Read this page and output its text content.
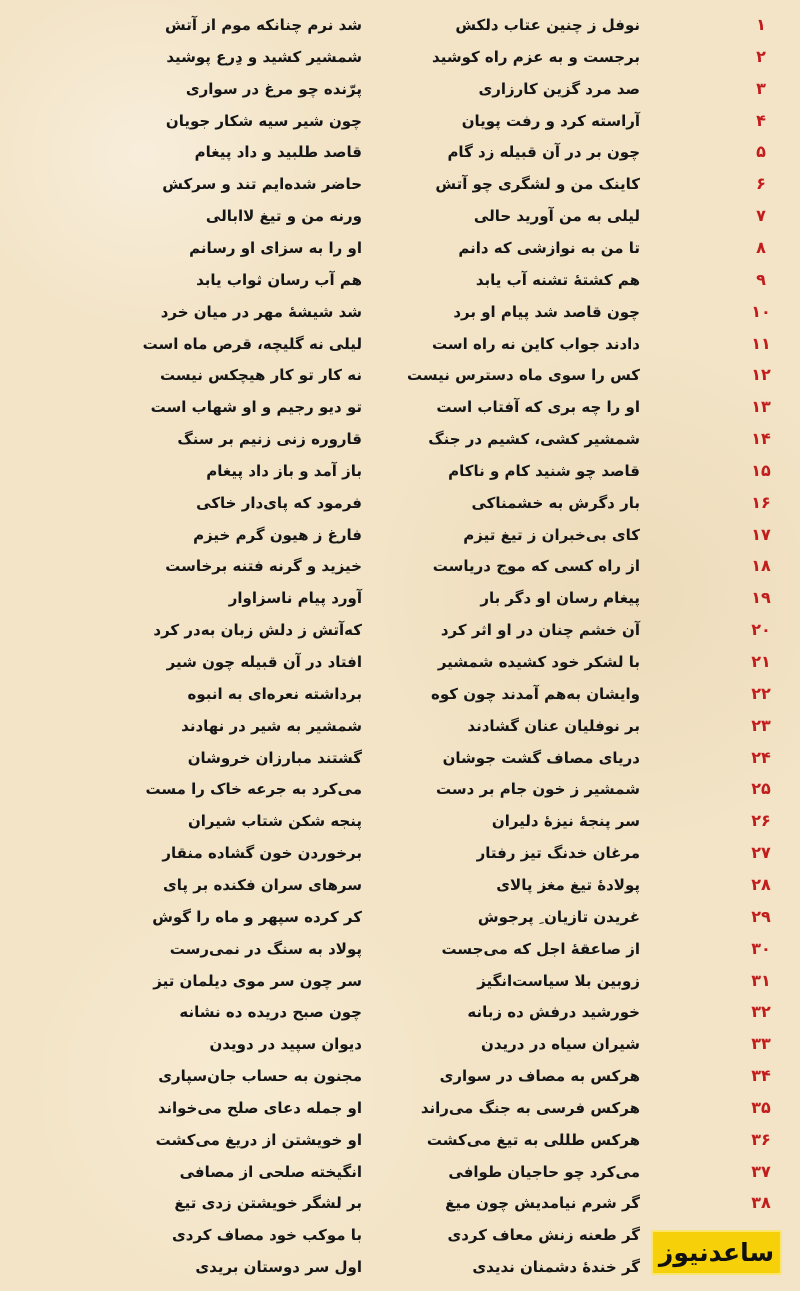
۱
نوفل ز چنین عتاب دلکش
شد نرم چنانکه موم از آتش
۲
برجست و به عزم راه کوشید
شمشیر کشید و دِرع پوشید
۳
صد مرد گزین کارزاری
پرّنده چو مرغ در سواری
۴
آراسته کرد و رفت پویان
چون شیر سیه شکار جویان
۵
چون بر در آن قبیله زد گام
قاصد طلبید و داد پیغام
۶
کاینک من و لشگری چو آتش
حاضر شده‌ایم تند و سرکش
۷
لیلی به من آورید حالی
ورنه من و تیغ لاابالی
۸
تا من به نوازشی که دانم
او را به سزای او رسانم
۹
هم کشتهٔ تشنه آب یابد
هم آب رسان ثواب یابد
۱۰
چون قاصد شد پیام او برد
شد شیشهٔ مهر در میان خرد
۱۱
دادند جواب کاین نه راه است
لیلی نه گلیچه، قرص ماه است
۱۲
کس را سوی ماه دسترس نیست
نه کار تو کار هیچکس نیست
۱۳
او را چه بری که آفتاب است
تو دیو رجیم و او شهاب است
۱۴
شمشیر کشی، کشیم در جنگ
قاروره زنی زنیم بر سنگ
۱۵
قاصد چو شنید کام و ناکام
باز آمد و باز داد پیغام
۱۶
بار دگرش به خشمناکی
فرمود که پای‌دار خاکی
۱۷
کای بی‌خبران ز تیغ تیزم
فارغ ز هیون گرم خیزم
۱۸
از راه کسی که موج دریاست
خیزید و گرنه فتنه برخاست
۱۹
پیغام رسان او دگر بار
آورد پیام ناسزاوار
۲۰
آن خشم چنان در او اثر کرد
که‌آتش ز دلش زبان به‌در کرد
۲۱
با لشکر خود کشیده شمشیر
افتاد در آن قبیله چون شیر
۲۲
وایشان به‌هم آمدند چون کوه
برداشته نعره‌ای به انبوه
۲۳
بر نوفلیان عنان گشادند
شمشیر به شیر در نهادند
۲۴
دریای مصاف گشت جوشان
گشتند مبارزان خروشان
۲۵
شمشیر ز خون جام بر دست
می‌کرد به جرعه خاک را مست
۲۶
سر پنجهٔ نیزهٔ دلیران
پنجه شکن شتاب شیران
۲۷
مرغان خدنگ تیز رفتار
برخوردن خون گشاده منقار
۲۸
پولادهٔ تیغ مغز پالای
سرهای سران فکنده بر پای
۲۹
غریدن تازیان ِ پرجوش
کر کرده سپهر و ماه را گوش
۳۰
از صاعقهٔ اجل که می‌جست
پولاد به سنگ در نمی‌رست
۳۱
زوبین بلا سیاست‌انگیز
سر چون سر موی دیلمان تیز
۳۲
خورشید درفش ده زبانه
چون صبح دریده ده نشانه
۳۳
شیران سیاه در دریدن
دیوان سپید در دویدن
۳۴
هرکس به مصاف در سواری
مجنون به حساب جان‌سپاری
۳۵
هرکس فرسی به جنگ می‌راند
او جمله دعای صلح می‌خواند
۳۶
هرکس طللی به تیغ می‌کشت
او خویشتن از دریغ می‌کشت
۳۷
می‌کرد چو حاجیان طوافی
انگیخته صلحی از مصافی
۳۸
گر شرم نیامدیش چون میغ
بر لشگر خویشتن زدی تیغ
گر طعنه زنش معاف کردی
با موکب خود مصاف کردی
گر خندهٔ دشمنان ندیدی
اول سر دوستان بریدی
ساعدنیوز
